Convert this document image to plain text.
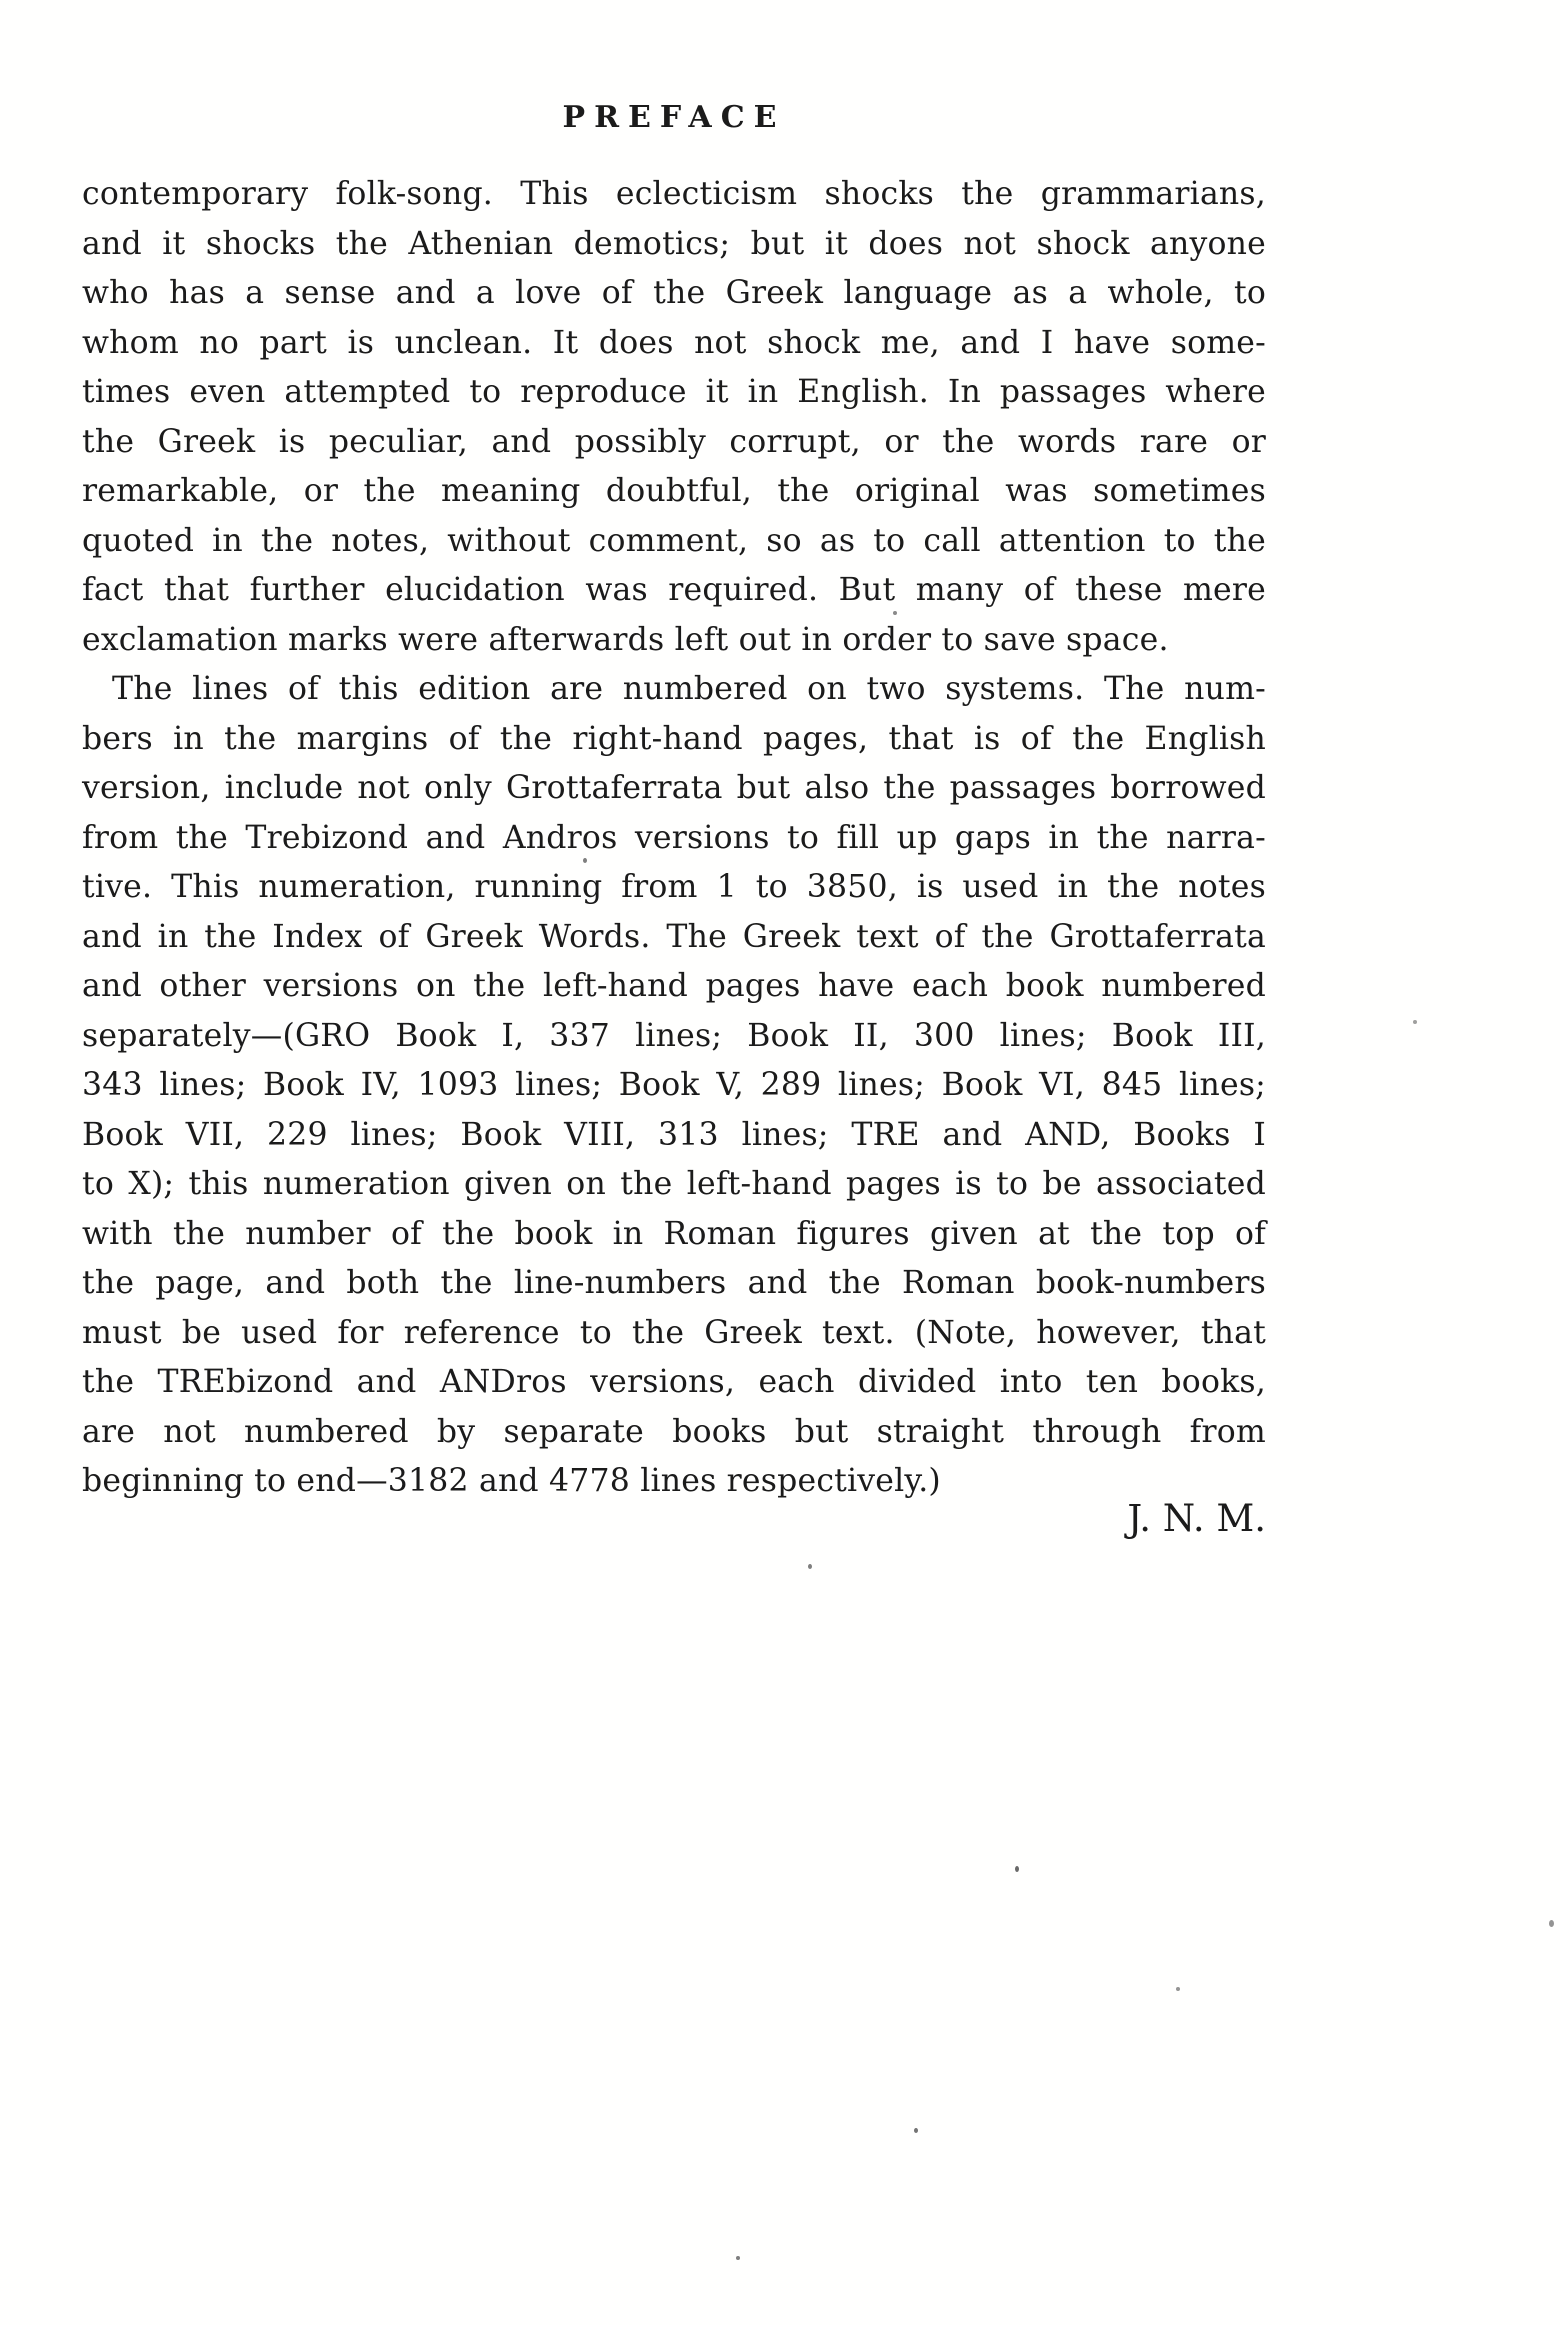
PREFACE
contemporary folk-song. This eclecticism shocks the grammarians,
and it shocks the Athenian demotics; but it does not shock anyone
who has a sense and a love of the Greek language as a whole, to
whom no part is unclean. It does not shock me, and I have some-
times even attempted to reproduce it in English. In passages where
the Greek is peculiar, and possibly corrupt, or the words rare or
remarkable, or the meaning doubtful, the original was sometimes
quoted in the notes, without comment, so as to call attention to the
fact that further elucidation was required. But many of these mere
exclamation marks were afterwards left out in order to save space.
The lines of this edition are numbered on two systems. The num-
bers in the margins of the right-hand pages, that is of the English
version, include not only Grottaferrata but also the passages borrowed
from the Trebizond and Andros versions to fill up gaps in the narra-
tive. This numeration, running from 1 to 3850, is used in the notes
and in the Index of Greek Words. The Greek text of the Grottaferrata
and other versions on the left-hand pages have each book numbered
separately—(GRO Book I, 337 lines; Book II, 300 lines; Book III,
343 lines; Book IV, 1093 lines; Book V, 289 lines; Book VI, 845 lines;
Book VII, 229 lines; Book VIII, 313 lines; TRE and AND, Books I
to X); this numeration given on the left-hand pages is to be associated
with the number of the book in Roman figures given at the top of
the page, and both the line-numbers and the Roman book-numbers
must be used for reference to the Greek text. (Note, however, that
the TREbizond and ANDros versions, each divided into ten books,
are not numbered by separate books but straight through from
beginning to end—3182 and 4778 lines respectively.)
J. N. M.
